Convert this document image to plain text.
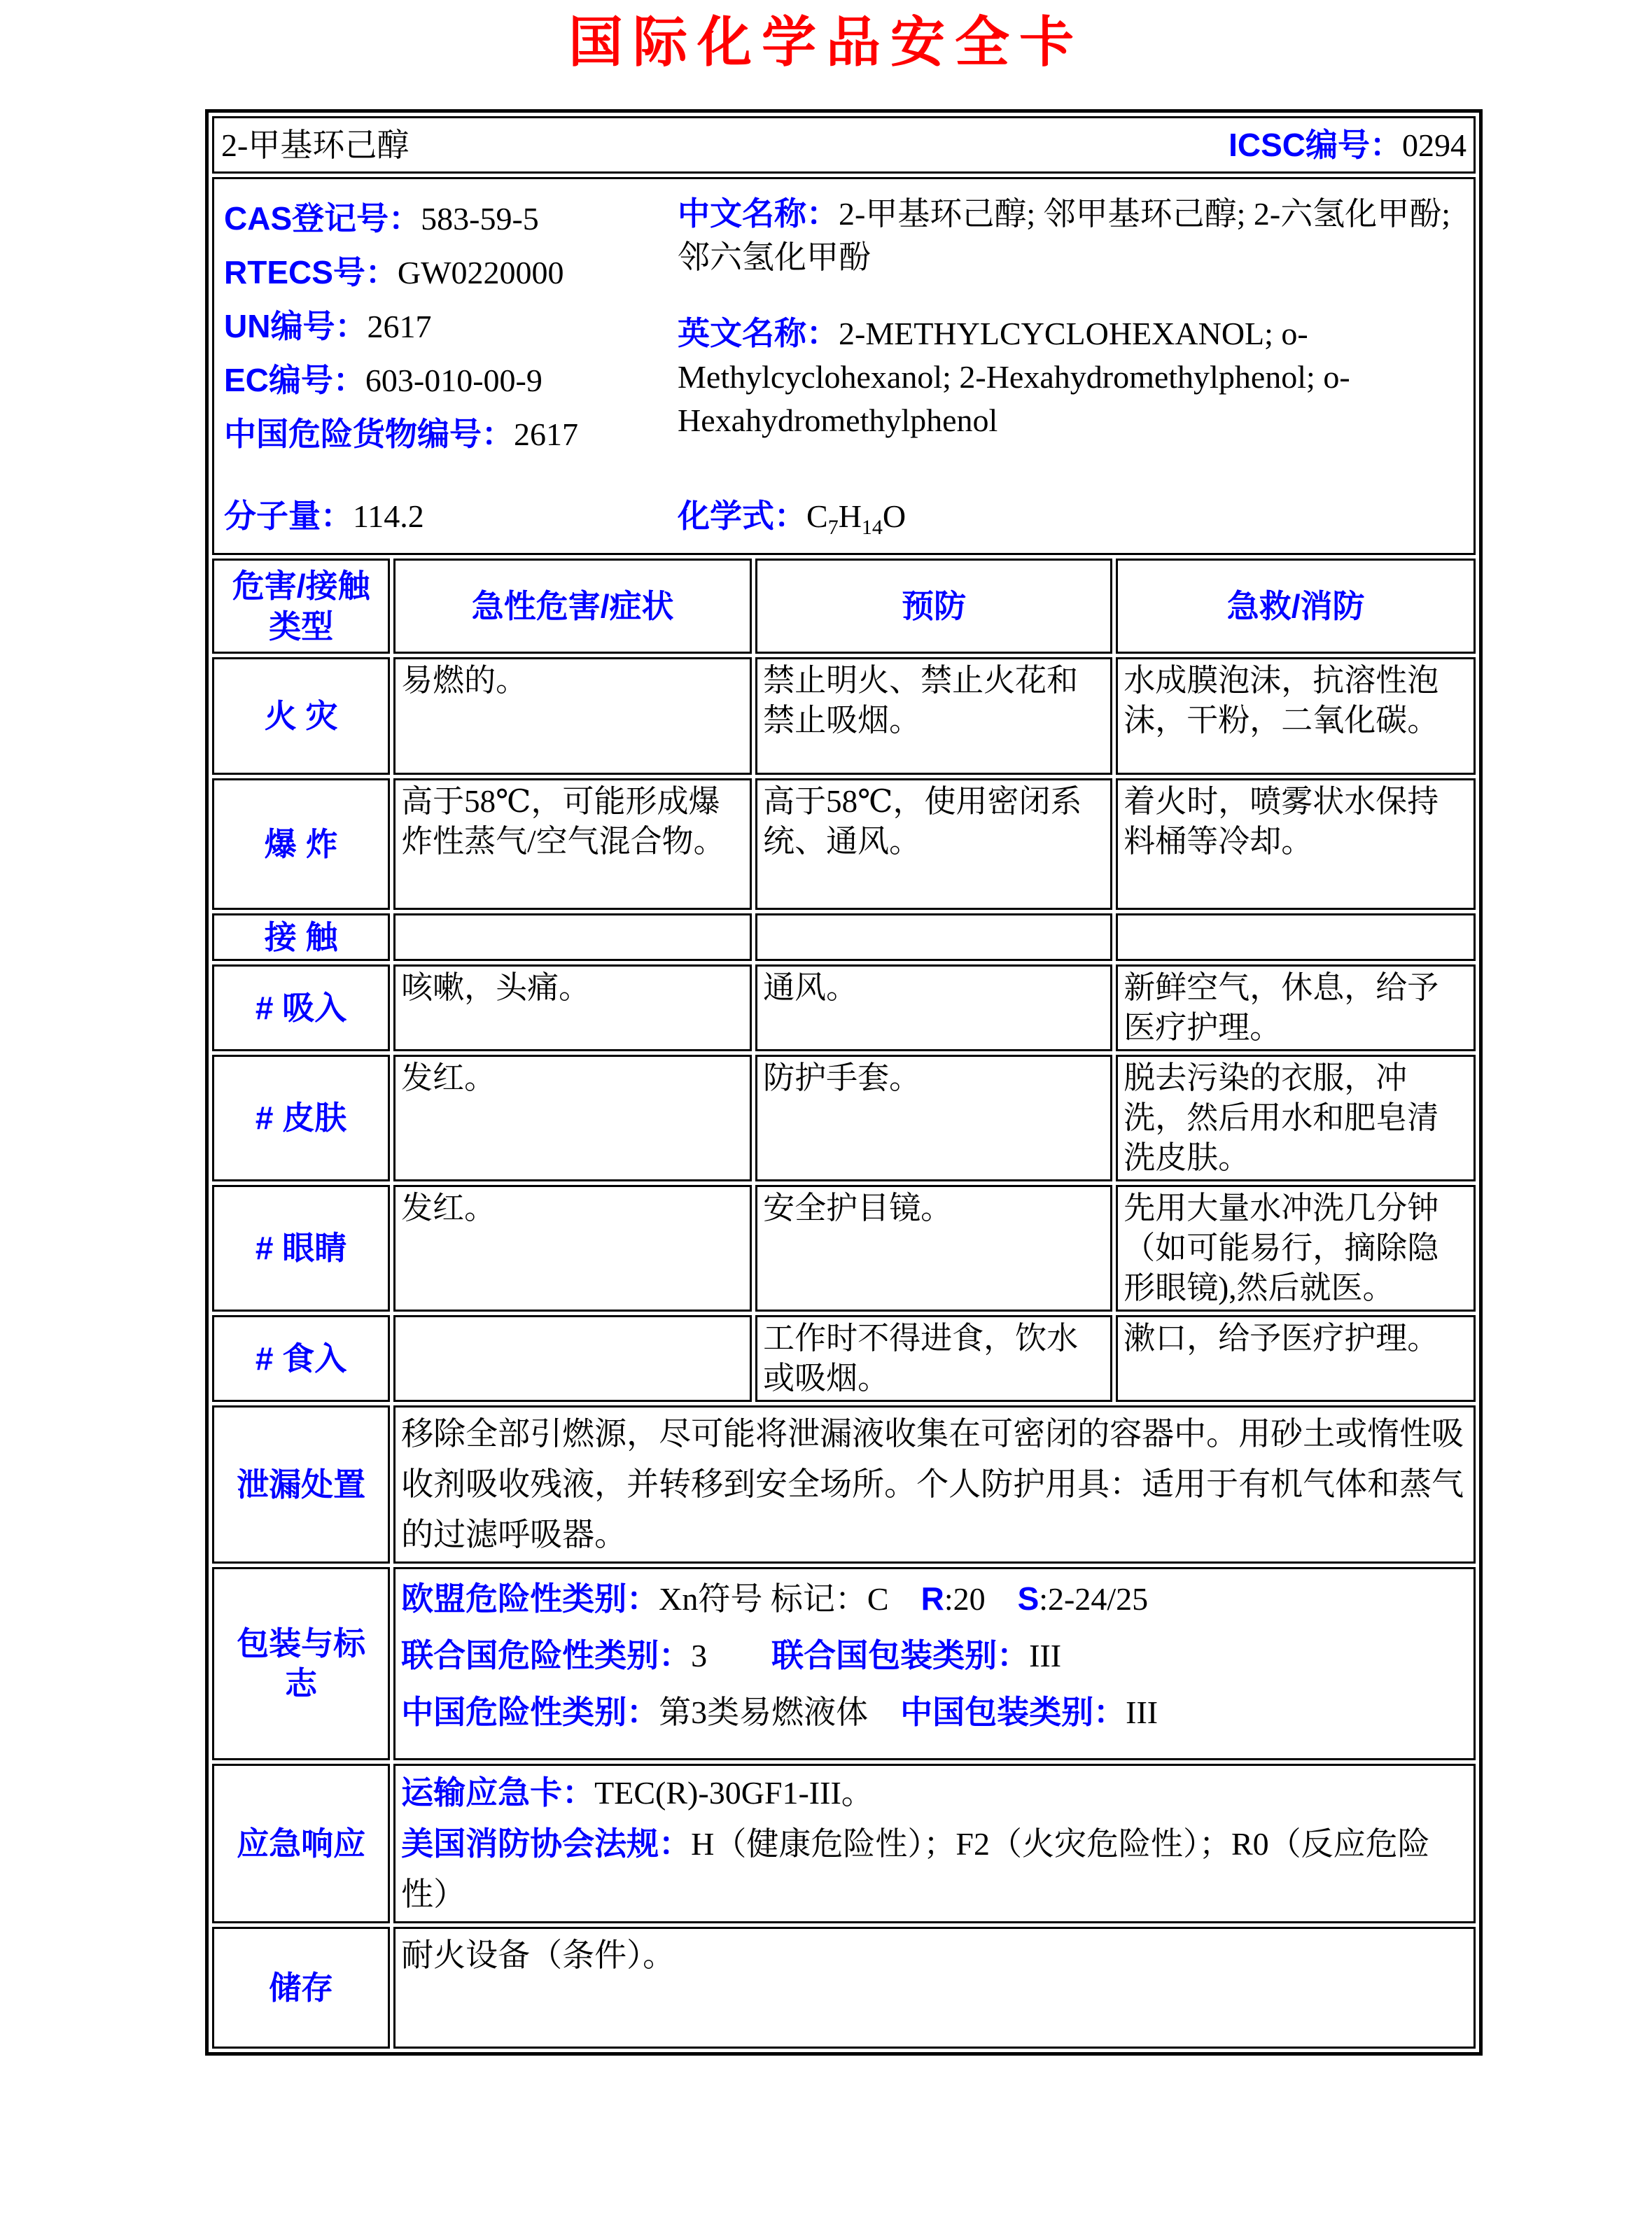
国际化学品安全卡
2-甲基环己醇 ICSC编号：0294			

CAS登记号：583-59-5
RTECS号：GW0220000
UN编号：2617
EC编号：603-010-00-9
中国危险货物编号：2617
中文名称：2-甲基环己醇; 邻甲基环己醇; 2-六氢化甲酚; 邻六氢化甲酚
英文名称：2-METHYLCYCLOHEXANOL; o-Methylcyclohexanol; 2-Hexahydromethylphenol; o-Hexahydromethylphenol
分子量：114.2	化学式：$C_7H_{14}O$

危害/接触类型	急性危害/症状	预防	急救/消防
火 灾	易燃的。	禁止明火、禁止火花和禁止吸烟。	水成膜泡沫，抗溶性泡沫，干粉，二氧化碳。
爆 炸	高于58℃，可能形成爆炸性蒸气/空气混合物。	高于58℃，使用密闭系统、通风。	着火时，喷雾状水保持料桶等冷却。
接 触			
# 吸入	咳嗽，头痛。	通风。	新鲜空气，休息，给予医疗护理。
# 皮肤	发红。	防护手套。	脱去污染的衣服，冲洗，然后用水和肥皂清洗皮肤。
# 眼睛	发红。	安全护目镜。	先用大量水冲洗几分钟（如可能易行，摘除隐形眼镜),然后就医。
# 食入		工作时不得进食，饮水或吸烟。	漱口，给予医疗护理。
泄漏处置	移除全部引燃源，尽可能将泄漏液收集在可密闭的容器中。用砂土或惰性吸收剂吸收残液，并转移到安全场所。个人防护用具：适用于有机气体和蒸气的过滤呼吸器。		

包装与标志	欧盟危险性类别：Xn符号 标记：C    R:20    S:2-24/25
联合国危险性类别：3        联合国包装类别：III
中国危险性类别：第3类易燃液体    中国包装类别：III		

应急响应	运输应急卡：TEC(R)-30GF1-III。
美国消防协会法规：H（健康危险性）；F2（火灾危险性）；R0（反应危险性）		

储存	耐火设备（条件）。		
